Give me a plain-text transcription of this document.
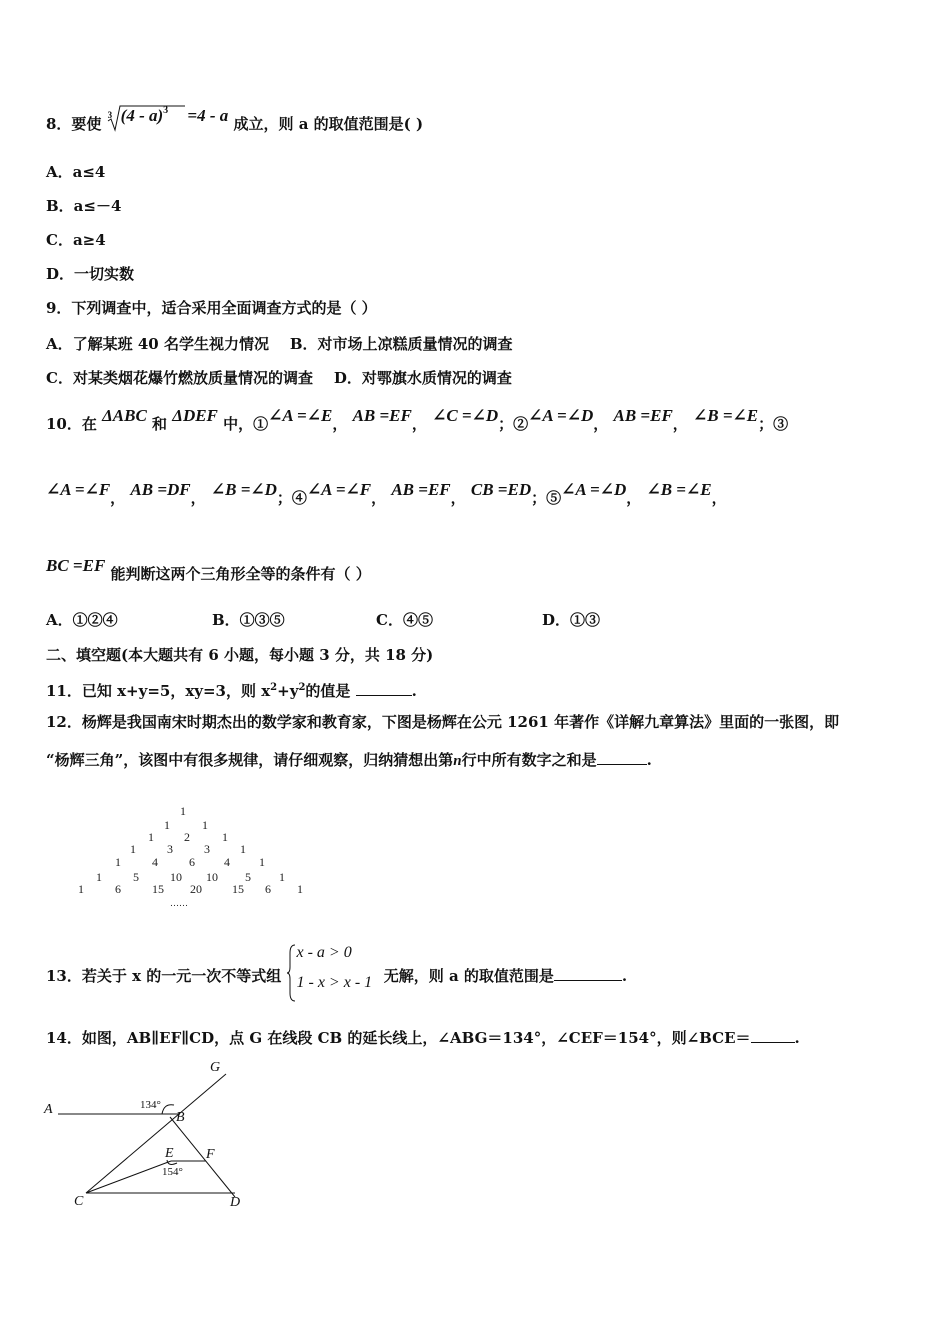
8．要使 3 (4 - a)$^3$ =4 - a 成立，则 a 的取值范围是( )
A．a≤4
B．a≤－4
C．a≥4
D．一切实数
9．下列调查中，适合采用全面调查方式的是（ ）
A．了解某班 40 名学生视力情况    B．对市场上凉糕质量情况的调查
C．对某类烟花爆竹燃放质量情况的调查    D．对鄂旗水质情况的调查
10．在 ΔABC 和 ΔDEF 中，①∠A =∠E， AB =EF， ∠C =∠D；②∠A =∠D， AB =EF， ∠B =∠E；③
∠A =∠F， AB =DF， ∠B =∠D；④∠A =∠F， AB =EF， CB =ED；⑤∠A =∠D， ∠B =∠E，
BC =EF 能判断这两个三角形全等的条件有（ ）
A．①②④	B．①③⑤	C．④⑤	D．①③
二、填空题(本大题共有 6 小题，每小题 3 分，共 18 分)
11．已知 x+y=5，xy=3，则 $x^2+y^2$的值是	.
12．杨辉是我国南宋时期杰出的数学家和教育家，下图是杨辉在公元 1261 年著作《详解九章算法》里面的一张图，即
“杨辉三角”，该图中有很多规律，请仔细观察，归纳猜想出第n行中所有数字之和是	.
1
1	1
1	2	1
1	3	3	1
1	4	6 4 1
1	5	10 10 5 1
1	6	15 20	15 6 1
……
13．若关于 x 的一元一次不等式组
x - a > 0
1 - x > x - 1 无解，则 a 的取值范围是	.
14．如图，AB∥EF∥CD，点 G 在线段 CB 的延长线上，∠ABG＝134°，∠CEF＝154°，则∠BCE＝	.
A
B
G
E F
C	D
134°
154°
